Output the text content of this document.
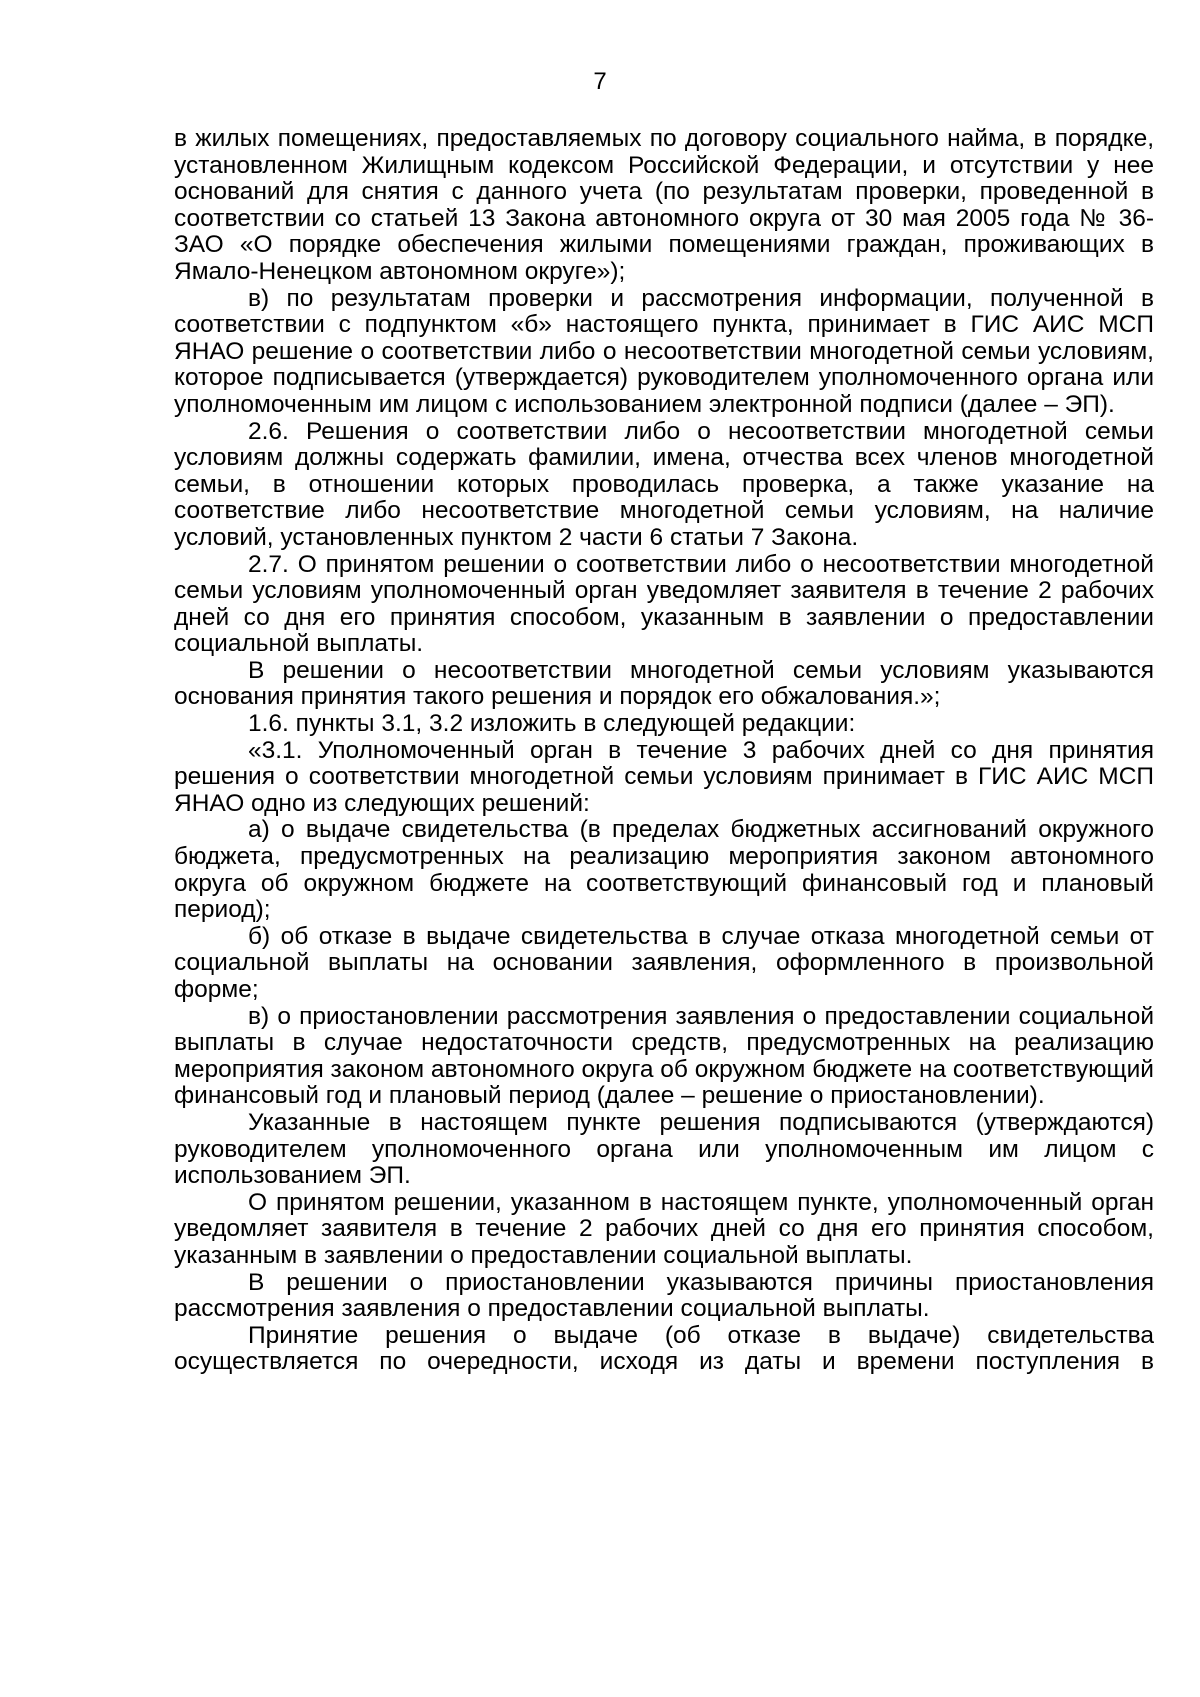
7

в жилых помещениях, предоставляемых по договору социального найма, в порядке, установленном Жилищным кодексом Российской Федерации, и отсутствии у нее оснований для снятия с данного учета (по результатам проверки, проведенной в соответствии со статьей 13 Закона автономного округа от 30 мая 2005 года № 36-ЗАО «О порядке обеспечения жилыми помещениями граждан, проживающих в Ямало-Ненецком автономном округе»);

в) по результатам проверки и рассмотрения информации, полученной в соответствии с подпунктом «б» настоящего пункта, принимает в ГИС АИС МСП ЯНАО решение о соответствии либо о несоответствии многодетной семьи условиям, которое подписывается (утверждается) руководителем уполномоченного органа или уполномоченным им лицом с использованием электронной подписи (далее – ЭП).

2.6. Решения о соответствии либо о несоответствии многодетной семьи условиям должны содержать фамилии, имена, отчества всех членов многодетной семьи, в отношении которых проводилась проверка, а также указание на соответствие либо несоответствие многодетной семьи условиям, на наличие условий, установленных пунктом 2 части 6 статьи 7 Закона.

2.7. О принятом решении о соответствии либо о несоответствии многодетной семьи условиям уполномоченный орган уведомляет заявителя в течение 2 рабочих дней со дня его принятия способом, указанным в заявлении о предоставлении социальной выплаты.

В решении о несоответствии многодетной семьи условиям указываются основания принятия такого решения и порядок его обжалования.»;

1.6. пункты 3.1, 3.2 изложить в следующей редакции:

«3.1. Уполномоченный орган в течение 3 рабочих дней со дня принятия решения о соответствии многодетной семьи условиям принимает в ГИС АИС МСП ЯНАО одно из следующих решений:

а) о выдаче свидетельства (в пределах бюджетных ассигнований окружного бюджета, предусмотренных на реализацию мероприятия законом автономного округа об окружном бюджете на соответствующий финансовый год и плановый период);

б) об отказе в выдаче свидетельства в случае отказа многодетной семьи от социальной выплаты на основании заявления, оформленного в произвольной форме;

в) о приостановлении рассмотрения заявления о предоставлении социальной выплаты в случае недостаточности средств, предусмотренных на реализацию мероприятия законом автономного округа об окружном бюджете на соответствующий финансовый год и плановый период (далее – решение о приостановлении).

Указанные в настоящем пункте решения подписываются (утверждаются) руководителем уполномоченного органа или уполномоченным им лицом с использованием ЭП.

О принятом решении, указанном в настоящем пункте, уполномоченный орган уведомляет заявителя в течение 2 рабочих дней со дня его принятия способом, указанным в заявлении о предоставлении социальной выплаты.

В решении о приостановлении указываются причины приостановления рассмотрения заявления о предоставлении социальной выплаты.

Принятие решения о выдаче (об отказе в выдаче) свидетельства осуществляется по очередности, исходя из даты и времени поступления в
